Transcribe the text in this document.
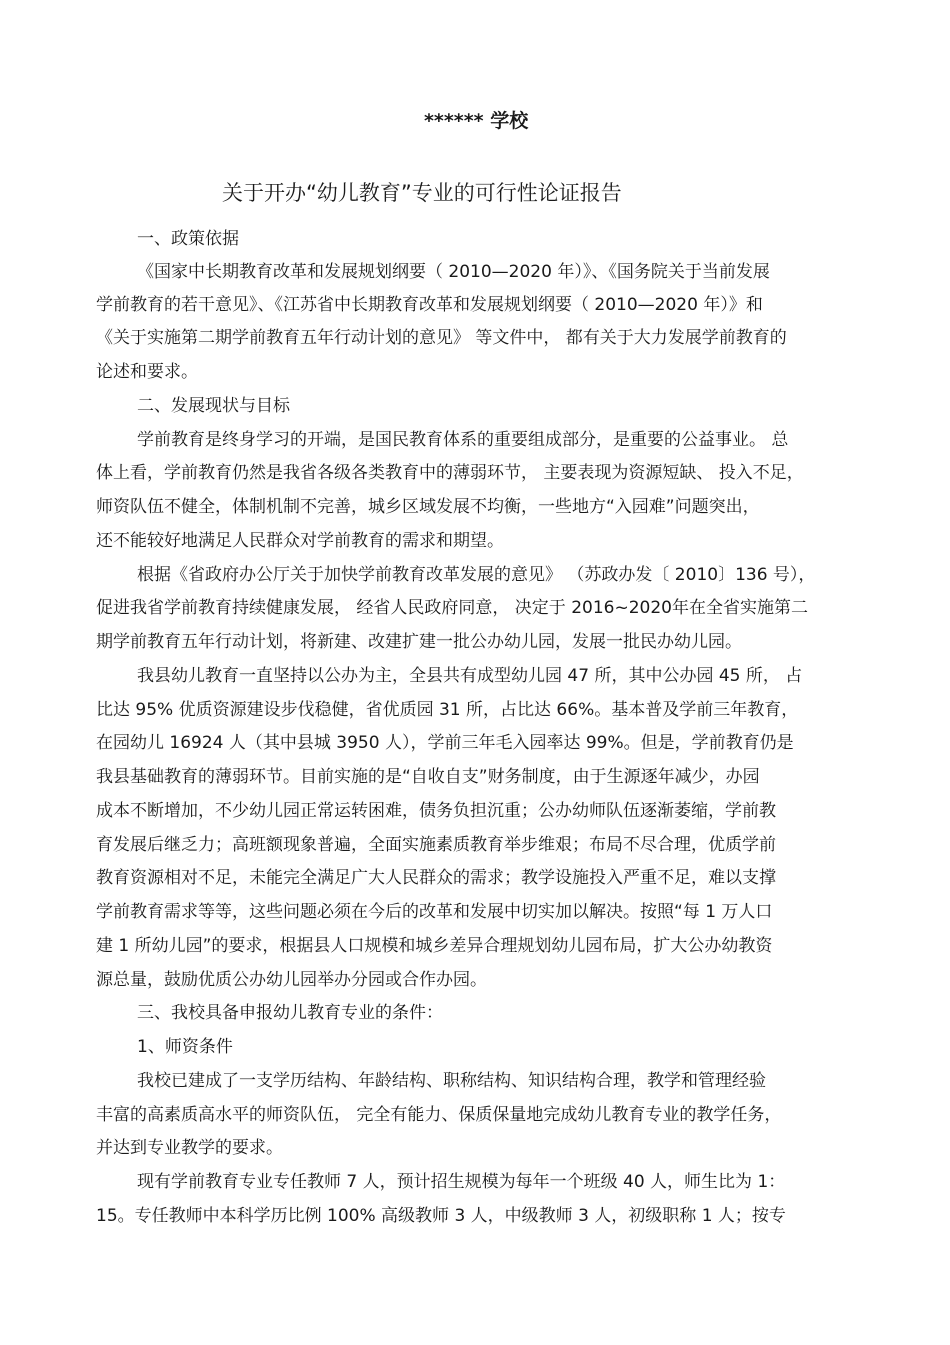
****** 学校

关于开办“幼儿教育”专业的可行性论证报告

一、政策依据

《国家中长期教育改革和发展规划纲要（ 2010—2020 年）》、《国务院关于当前发展

学前教育的若干意见》、《江苏省中长期教育改革和发展规划纲要（ 2010—2020 年）》和

《关于实施第二期学前教育五年行动计划的意见》 等文件中， 都有关于大力发展学前教育的

论述和要求。

二、发展现状与目标

学前教育是终身学习的开端，是国民教育体系的重要组成部分，是重要的公益事业。 总

体上看，学前教育仍然是我省各级各类教育中的薄弱环节， 主要表现为资源短缺、 投入不足，

师资队伍不健全，体制机制不完善，城乡区域发展不均衡，一些地方“入园难”问题突出，

还不能较好地满足人民群众对学前教育的需求和期望。

根据《省政府办公厅关于加快学前教育改革发展的意见》 （苏政办发〔 2010〕136 号），

促进我省学前教育持续健康发展， 经省人民政府同意， 决定于 2016~2020年在全省实施第二

期学前教育五年行动计划，将新建、改建扩建一批公办幼儿园，发展一批民办幼儿园。

我县幼儿教育一直坚持以公办为主，全县共有成型幼儿园 47 所，其中公办园 45 所， 占

比达 95% 优质资源建设步伐稳健，省优质园 31 所，占比达 66%。基本普及学前三年教育，

在园幼儿 16924 人（其中县城 3950 人），学前三年毛入园率达 99%。但是，学前教育仍是

我县基础教育的薄弱环节。目前实施的是“自收自支”财务制度，由于生源逐年减少，办园

成本不断增加，不少幼儿园正常运转困难，债务负担沉重；公办幼师队伍逐渐萎缩，学前教

育发展后继乏力；高班额现象普遍，全面实施素质教育举步维艰；布局不尽合理，优质学前

教育资源相对不足，未能完全满足广大人民群众的需求；教学设施投入严重不足，难以支撑

学前教育需求等等，这些问题必须在今后的改革和发展中切实加以解决。按照“每 1 万人口

建 1 所幼儿园”的要求，根据县人口规模和城乡差异合理规划幼儿园布局，扩大公办幼教资

源总量，鼓励优质公办幼儿园举办分园或合作办园。

三、我校具备申报幼儿教育专业的条件：

1、师资条件

我校已建成了一支学历结构、年龄结构、职称结构、知识结构合理，教学和管理经验

丰富的高素质高水平的师资队伍， 完全有能力、保质保量地完成幼儿教育专业的教学任务，

并达到专业教学的要求。

现有学前教育专业专任教师 7 人，预计招生规模为每年一个班级 40 人，师生比为 1：

15。专任教师中本科学历比例 100% 高级教师 3 人，中级教师 3 人，初级职称 1 人；按专
